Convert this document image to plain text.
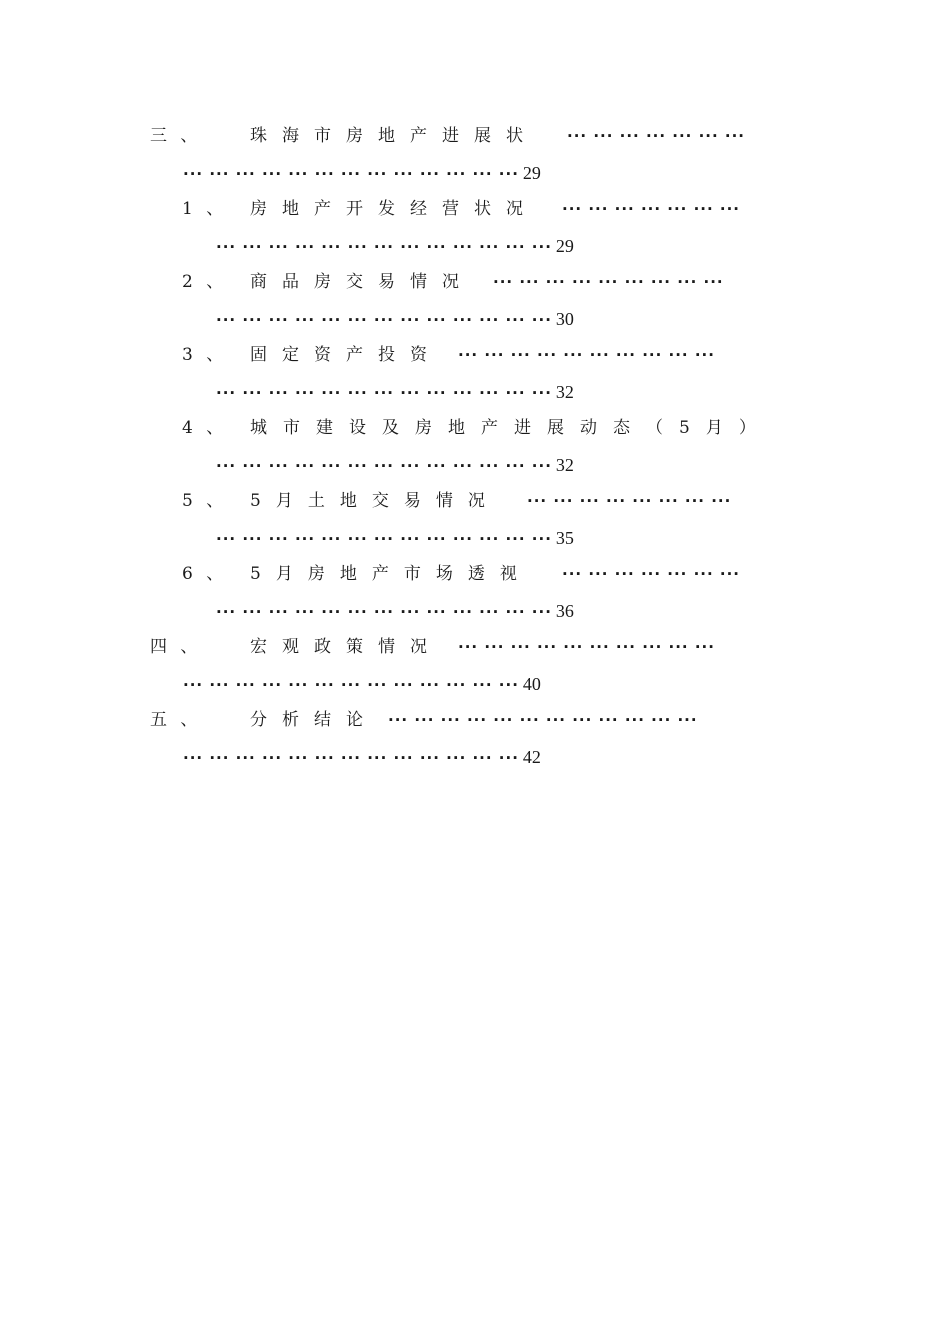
三 、	珠海市房地产进展状 ··· ··· ··· ··· ··· ··· ···
··· ··· ··· ··· ··· ··· ··· ··· ··· ··· ··· ··· ··· 29
1 、 房地产开发经营状况 ··· ··· ··· ··· ··· ··· ···
··· ··· ··· ··· ··· ··· ··· ··· ··· ··· ··· ··· ··· 29
2 、 商品房交易情况 ··· ··· ··· ··· ··· ··· ··· ··· ···
··· ··· ··· ··· ··· ··· ··· ··· ··· ··· ··· ··· ··· 30
3 、 固定资产投资 ··· ··· ··· ··· ··· ··· ··· ··· ··· ···
··· ··· ··· ··· ··· ··· ··· ··· ··· ··· ··· ··· ··· 32
4 、 城市建设及房地产进展动态（5月）
··· ··· ··· ··· ··· ··· ··· ··· ··· ··· ··· ··· ··· 32
5 、 5月土地交易情况 ··· ··· ··· ··· ··· ··· ··· ···
··· ··· ··· ··· ··· ··· ··· ··· ··· ··· ··· ··· ··· 35
6 、 5月房地产市场透视 ··· ··· ··· ··· ··· ··· ···
··· ··· ··· ··· ··· ··· ··· ··· ··· ··· ··· ··· ··· 36
四 、	宏观政策情况 ··· ··· ··· ··· ··· ··· ··· ··· ··· ···
··· ··· ··· ··· ··· ··· ··· ··· ··· ··· ··· ··· ··· 40
五 、	分析结论 ··· ··· ··· ··· ··· ··· ··· ··· ··· ··· ··· ···
··· ··· ··· ··· ··· ··· ··· ··· ··· ··· ··· ··· ··· 42
